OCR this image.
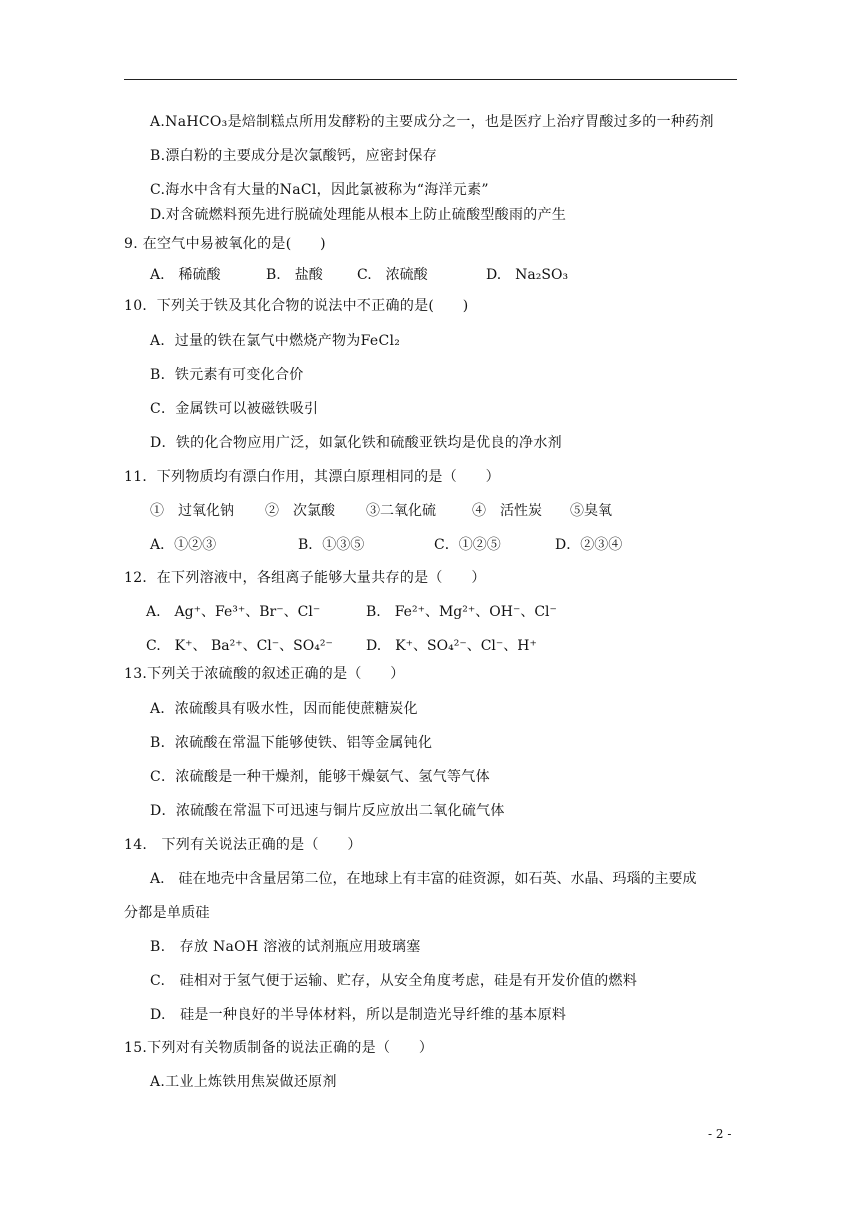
A.NaHCO₃是焙制糕点所用发酵粉的主要成分之一，也是医疗上治疗胃酸过多的一种药剂
B.漂白粉的主要成分是次氯酸钙，应密封保存
C.海水中含有大量的NaCl，因此氯被称为“海洋元素”
D.对含硫燃料预先进行脱硫处理能从根本上防止硫酸型酸雨的产生
9. 在空气中易被氧化的是(　　)
A.　稀硫酸	B.　盐酸 C.　浓硫酸	D.　Na₂SO₃
10．下列关于铁及其化合物的说法中不正确的是(　　)
A．过量的铁在氯气中燃烧产物为FeCl₂
B．铁元素有可变化合价
C．金属铁可以被磁铁吸引
D．铁的化合物应用广泛，如氯化铁和硫酸亚铁均是优良的净水剂
11．下列物质均有漂白作用，其漂白原理相同的是（　　）
①　过氧化钠 ②　次氯酸 ③二氧化硫	④　活性炭 ⑤臭氧
A．①②③	B．①③⑤	C．①②⑤	D．②③④
12．在下列溶液中，各组离子能够大量共存的是（　　）
A.　Ag⁺、Fe³⁺、Br⁻、Cl⁻	B.　Fe²⁺、Mg²⁺、OH⁻、Cl⁻
C.　K⁺、 Ba²⁺、Cl⁻、SO₄²⁻ D.　K⁺、SO₄²⁻、Cl⁻、H⁺
13.下列关于浓硫酸的叙述正确的是（　　）
A．浓硫酸具有吸水性，因而能使蔗糖炭化
B．浓硫酸在常温下能够使铁、铝等金属钝化
C．浓硫酸是一种干燥剂，能够干燥氨气、氢气等气体
D．浓硫酸在常温下可迅速与铜片反应放出二氧化硫气体
14.　下列有关说法正确的是（　　）
A.　硅在地壳中含量居第二位，在地球上有丰富的硅资源，如石英、水晶、玛瑙的主要成
分都是单质硅
B.　存放 NaOH 溶液的试剂瓶应用玻璃塞
C.　硅相对于氢气便于运输、贮存，从安全角度考虑，硅是有开发价值的燃料
D.　硅是一种良好的半导体材料，所以是制造光导纤维的基本原料
15.下列对有关物质制备的说法正确的是（　　）
A.工业上炼铁用焦炭做还原剂
- 2 -
